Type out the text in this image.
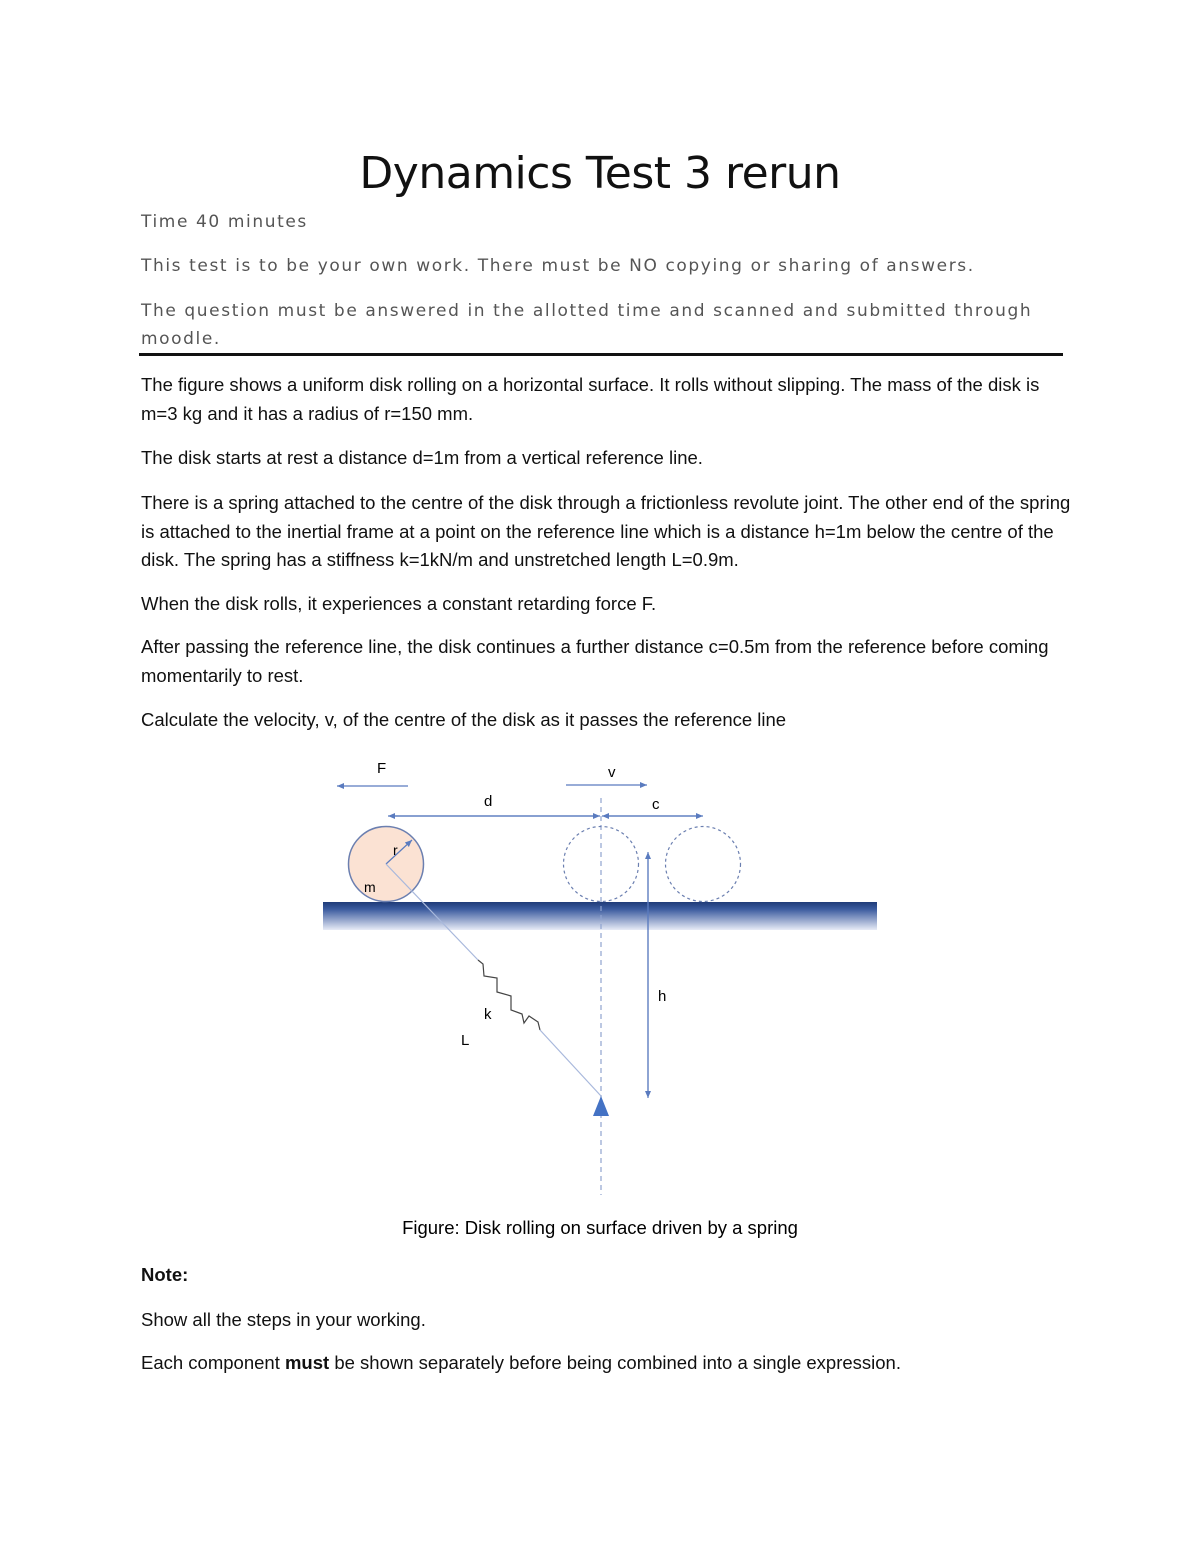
Dynamics Test 3 rerun
Time 40 minutes
This test is to be your own work. There must be NO copying or sharing of answers.
The question must be answered in the allotted time and scanned and submitted through moodle.
The figure shows a uniform disk rolling on a horizontal surface. It rolls without slipping. The mass of the disk is m=3 kg and it has a radius of r=150 mm.
The disk starts at rest a distance d=1m from a vertical reference line.
There is a spring attached to the centre of the disk through a frictionless revolute joint. The other end of the spring is attached to the inertial frame at a point on the reference line which is a distance h=1m below the centre of the disk. The spring has a stiffness k=1kN/m and unstretched length L=0.9m.
When the disk rolls, it experiences a constant retarding force F.
After passing the reference line, the disk continues a further distance c=0.5m from the reference before coming momentarily to rest.
Calculate the velocity, v, of the centre of the disk as it passes the reference line
F	v
d	c
r
m
h
k
L
Figure: Disk rolling on surface driven by a spring
Note:
Show all the steps in your working.
Each component must be shown separately before being combined into a single expression.
